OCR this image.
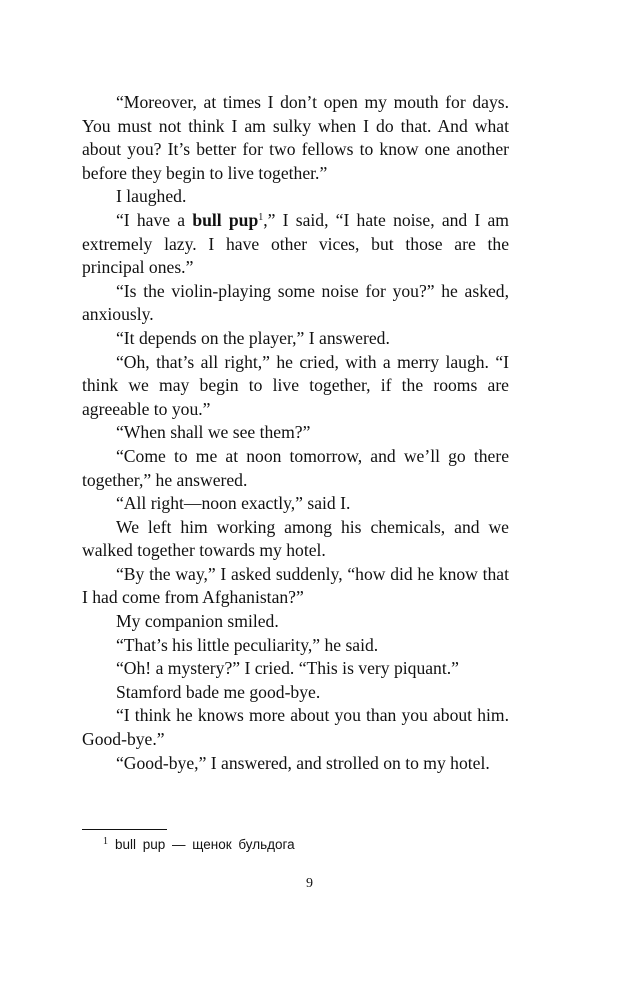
“Moreover, at times I don’t open my mouth for days. You must not think I am sulky when I do that. And what about you? It’s better for two fellows to know one another before they begin to live together.”

I laughed.

“I have a bull pup$^1$,” I said, “I hate noise, and I am extremely lazy. I have other vices, but those are the principal ones.”

“Is the violin-playing some noise for you?” he asked, anxiously.

“It depends on the player,” I answered.

“Oh, that’s all right,” he cried, with a merry laugh. “I think we may begin to live together, if the rooms are agreeable to you.”

“When shall we see them?”

“Come to me at noon tomorrow, and we’ll go there together,” he answered.

“All right—noon exactly,” said I.

We left him working among his chemicals, and we walked together towards my hotel.

“By the way,” I asked suddenly, “how did he know that I had come from Afghanistan?”

My companion smiled.

“That’s his little peculiarity,” he said.

“Oh! a mystery?” I cried. “This is very piquant.”

Stamford bade me good-bye.

“I think he knows more about you than you about him. Good-bye.”

“Good-bye,” I answered, and strolled on to my hotel.

$^1$ bull pup — щенок бульдога
9
